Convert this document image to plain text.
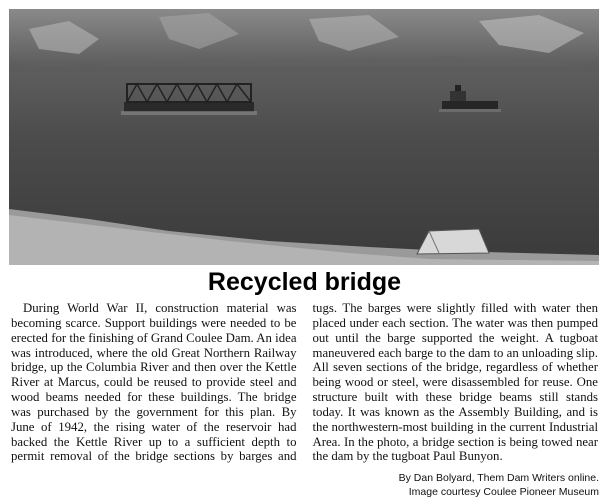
Recycled bridge

During World War II, construction material was becoming scarce. Support buildings were needed to be erected for the finishing of Grand Coulee Dam. An idea was introduced, where the old Great Northern Railway bridge, up the Columbia River and then over the Kettle River at Marcus, could be reused to provide steel and wood beams needed for these buildings. The bridge was purchased by the government for this plan. By June of 1942, the rising water of the reservoir had backed the Kettle River up to a sufficient depth to permit removal of the bridge sections by barges and tugs. The barges were slightly filled with water then placed under each section. The water was then pumped out until the barge supported the weight. A tugboat maneuvered each barge to the dam to an unloading slip. All seven sections of the bridge, regardless of whether being wood or steel, were disassembled for reuse. One structure built with these bridge beams still stands today. It was known as the Assembly Building, and is the northwestern-most building in the current Industrial Area. In the photo, a bridge section is being towed near the dam by the tugboat Paul Bunyon.

By Dan Bolyard, Them Dam Writers online.
Image courtesy Coulee Pioneer Museum
